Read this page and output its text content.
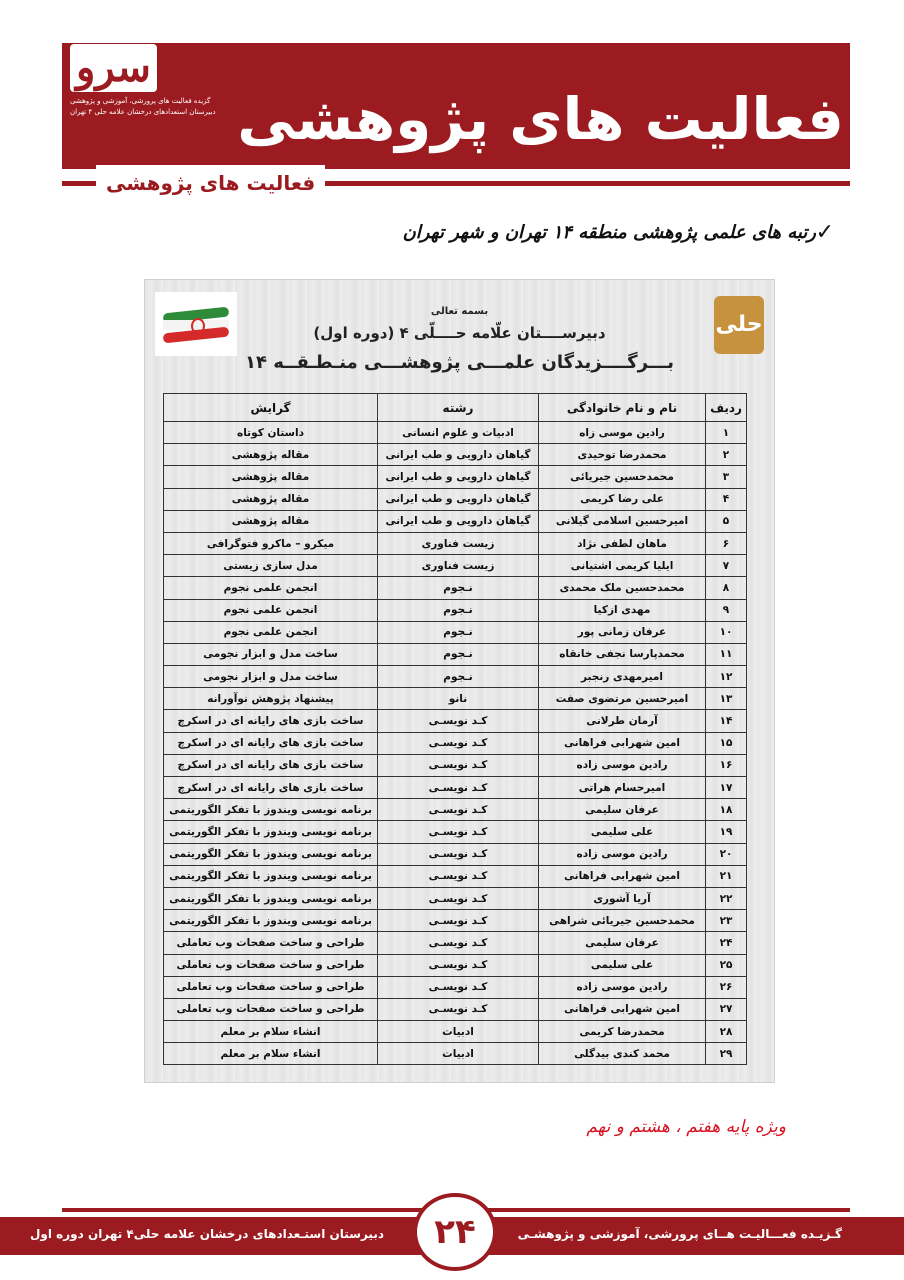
سرو
گزیده فعالیت های پرورشی، آموزشی و پژوهشی
دبیرستان استعدادهای درخشان علامه حلی ۴ تهران فعالیت های پژوهشی
فعالیت های پژوهشی
✓
رتبه های علمی پژوهشی منطقه ۱۴ تهران و شهر تهران
حلی
بسمه تعالی
دبیرســــتان علّامه حــــلّی ۴ (دوره اول)
بـــرگــــزیدگان علمـــی پژوهشـــی منـطـقــه ۱۴
ردیف	نام و نام خانوادگی	رشته	گرایش
۱	رادین موسی زاه	ادبیات و علوم انسانی	داستان کوتاه
۲	محمدرضا توحیدی	گیاهان دارویی و طب ایرانی	مقاله پژوهشی
۳	محمدحسین جیریائی	گیاهان دارویی و طب ایرانی	مقاله پژوهشی
۴	علی رضا کریمی	گیاهان دارویی و طب ایرانی	مقاله پژوهشی
۵	امیرحسین اسلامی گیلانی	گیاهان دارویی و طب ایرانی	مقاله پژوهشی
۶	ماهان لطفی نژاد	زیست فناوری	میکرو – ماکرو فتوگرافی
۷	ایلیا کریمی اشتیانی	زیست فناوری	مدل سازی زیستی
۸	محمدحسین ملک محمدی	نـجوم	انجمن علمی نجوم
۹	مهدی ازکیا	نـجوم	انجمن علمی نجوم
۱۰	عرفان زمانی پور	نـجوم	انجمن علمی نجوم
۱۱	محمدپارسا نجفی خانقاه	نـجوم	ساخت مدل و ابزار نجومی
۱۲	امیرمهدی رنجبر	نـجوم	ساخت مدل و ابزار نجومی
۱۳	امیرحسین مرتضوی صفت	نانو	پیشنهاد پژوهش نوآورانه
۱۴	آرمان طرلانی	کـد نویسـی	ساخت بازی های رایانه ای در اسکرچ
۱۵	امین شهرابی فراهانی	کـد نویسـی	ساخت بازی های رایانه ای در اسکرچ
۱۶	رادین موسی زاده	کـد نویسـی	ساخت بازی های رایانه ای در اسکرچ
۱۷	امیرحسام هراتی	کـد نویسـی	ساخت بازی های رایانه ای در اسکرچ
۱۸	عرفان سلیمی	کـد نویسـی	برنامه نویسی ویندوز با تفکر الگوریتمی
۱۹	علی سلیمی	کـد نویسـی	برنامه نویسی ویندوز با تفکر الگوریتمی
۲۰	رادین موسی زاده	کـد نویسـی	برنامه نویسی ویندوز با تفکر الگوریتمی
۲۱	امین شهرابی فراهانی	کـد نویسـی	برنامه نویسی ویندوز با تفکر الگوریتمی
۲۲	آریا آشوری	کـد نویسـی	برنامه نویسی ویندوز با تفکر الگوریتمی
۲۳	محمدحسین جیریائی شراهی	کـد نویسـی	برنامه نویسی ویندوز با تفکر الگوریتمی
۲۴	عرفان سلیمی	کـد نویسـی	طراحی و ساخت صفحات وب تعاملی
۲۵	علی سلیمی	کـد نویسـی	طراحی و ساخت صفحات وب تعاملی
۲۶	رادین موسی زاده	کـد نویسـی	طراحی و ساخت صفحات وب تعاملی
۲۷	امین شهرابی فراهانی	کـد نویسـی	طراحی و ساخت صفحات وب تعاملی
۲۸	محمدرضا کریمی	ادبیات	انشاء سلام بر معلم
۲۹	محمد کندی بیدگلی	ادبیات	انشاء سلام بر معلم
ویژه پایه هفتم ، هشتم و نهم
گـزیـده فعـــالیـت هــای پرورشی، آموزشی و پژوهشـی
دبیرستان استـعدادهای درخشان علامه حلی۴ تهران دوره اول	۲۴
